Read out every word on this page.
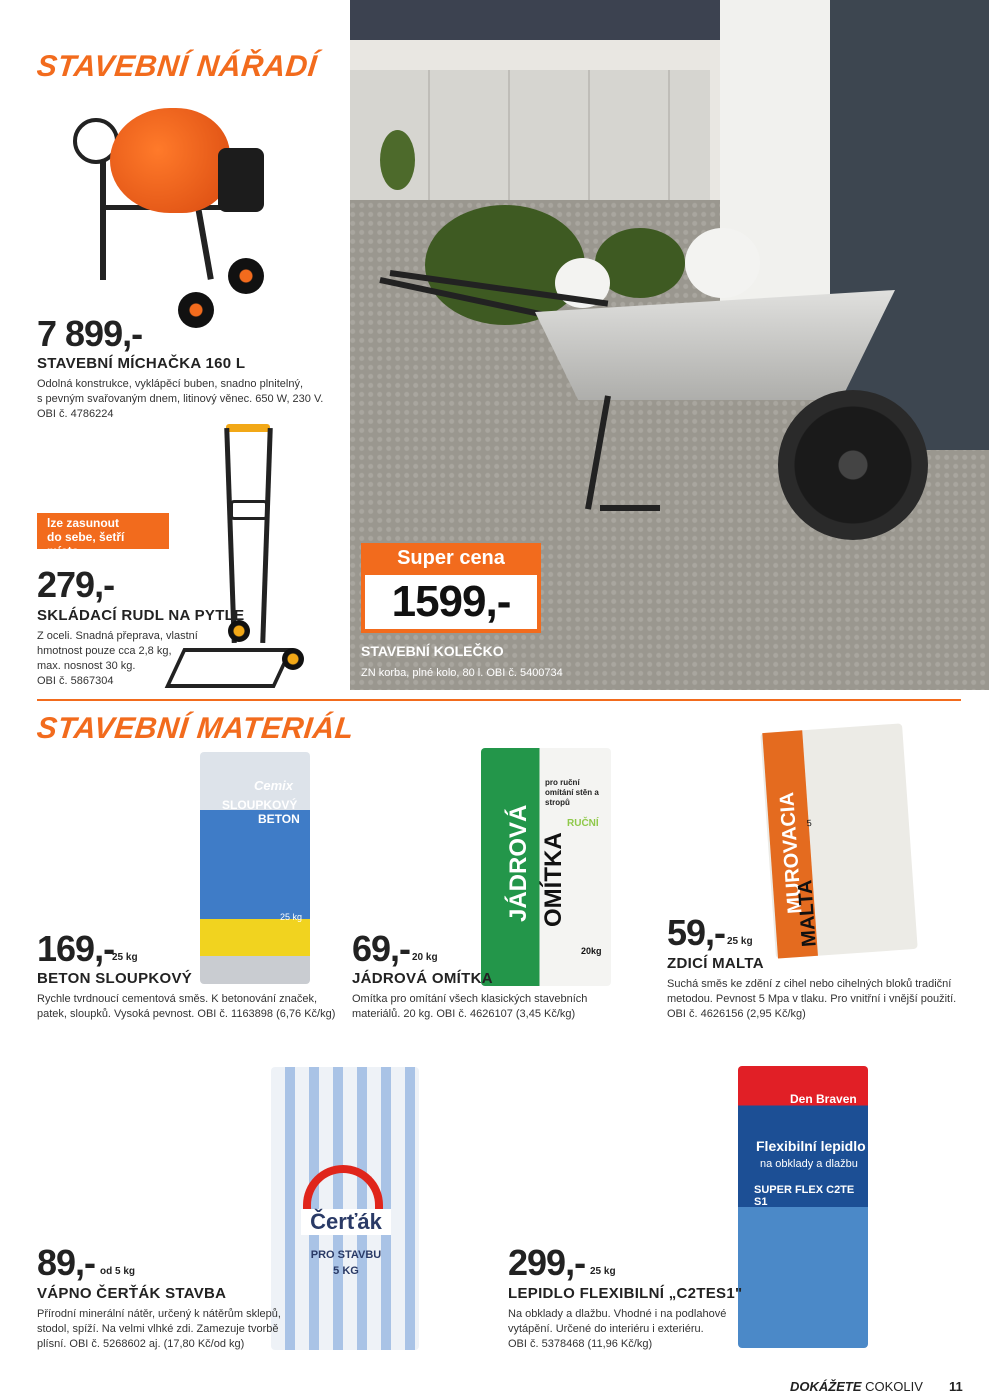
STAVEBNÍ NÁŘADÍ
7 899,-
STAVEBNÍ MÍCHAČKA 160 L
Odolná konstrukce, vyklápěcí buben, snadno plnitelný,
s pevným svařovaným dnem, litinový věnec. 650 W, 230 V.
OBI č. 4786224
lze zasunout
do sebe, šetří místo
279,-
SKLÁDACÍ RUDL NA PYTLE
Z oceli. Snadná přeprava, vlastní
hmotnost pouze cca 2,8 kg,
max. nosnost 30 kg.
OBI č. 5867304
Super cena
1599,-
STAVEBNÍ KOLEČKO
ZN korba, plné kolo, 80 l. OBI č. 5400734
STAVEBNÍ MATERIÁL
Cemix
SLOUPKOVÝ
BETON
25 kg
169,-
25 kg
BETON SLOUPKOVÝ
Rychle tvrdnoucí cementová směs. K betonování značek,
patek, sloupků. Vysoká pevnost. OBI č. 1163898 (6,76 Kč/kg)
JÁDROVÁ OMÍTKA
pro ruční omítání stěn a stropů
RUČNÍ
20kg
69,- 20 kg
JÁDROVÁ OMÍTKA
Omítka pro omítání všech klasických stavebních
materiálů. 20 kg. OBI č. 4626107 (3,45 Kč/kg)
MUROVACIA
MALTA
5
59,- 25 kg
ZDICÍ MALTA
Suchá směs ke zdění z cihel nebo cihelných bloků tradiční
metodou. Pevnost 5 Mpa v tlaku. Pro vnitřní i vnější použití.
OBI č. 4626156 (2,95 Kč/kg)
Čerťák
PRO STAVBU
5 KG
89,- od 5 kg
VÁPNO ČERŤÁK STAVBA
Přírodní minerální nátěr, určený k nátěrům sklepů,
stodol, spíží. Na velmi vlhké zdi. Zamezuje tvorbě
plísní. OBI č. 5268602 aj. (17,80 Kč/od kg)
Den Braven
Flexibilní lepidlo
na obklady a dlažbu
SUPER FLEX C2TE S1
299,- 25 kg
LEPIDLO FLEXIBILNÍ „C2TES1"
Na obklady a dlažbu. Vhodné i na podlahové
vytápění. Určené do interiéru i exteriéru.
OBI č. 5378468 (11,96 Kč/kg)
DOKÁŽETE COKOLIV 11
